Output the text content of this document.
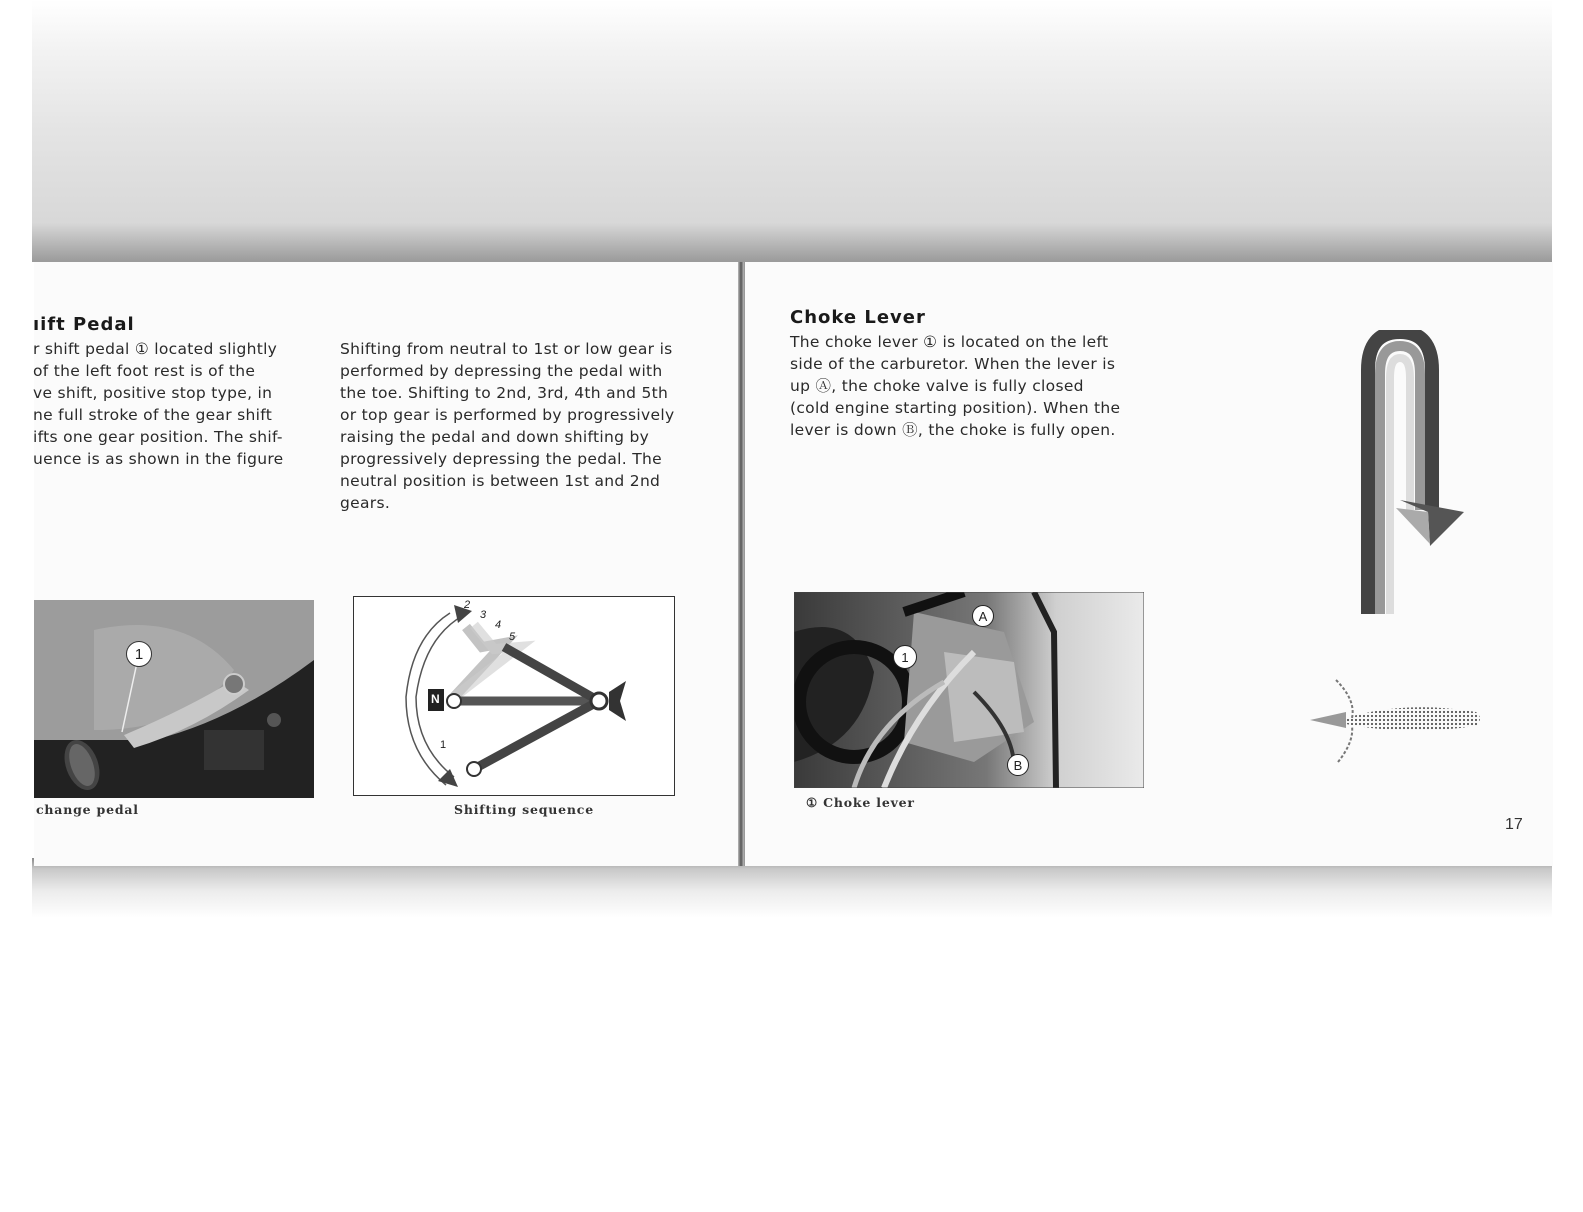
ıift Pedal

r shift pedal ① located slightly

of the left foot rest is of the

ve shift, positive stop type, in

ne full stroke of the gear shift

ifts one gear position. The shif-

uence is as shown in the figure

Shifting from neutral to 1st or low gear is

performed by depressing the pedal with

the toe. Shifting to 2nd, 3rd, 4th and 5th

or top gear is performed by progressively

raising the pedal and down shifting by

progressively depressing the pedal. The

neutral position is between 1st and 2nd

gears.

1
change pedal
N
1
2
3
4
5
Shifting sequence
Choke Lever

The choke lever ① is located on the left

side of the carburetor. When the lever is

up Ⓐ, the choke valve is fully closed

(cold engine starting position). When the

lever is down Ⓑ, the choke is fully open.

A
1
B
① Choke lever
17
